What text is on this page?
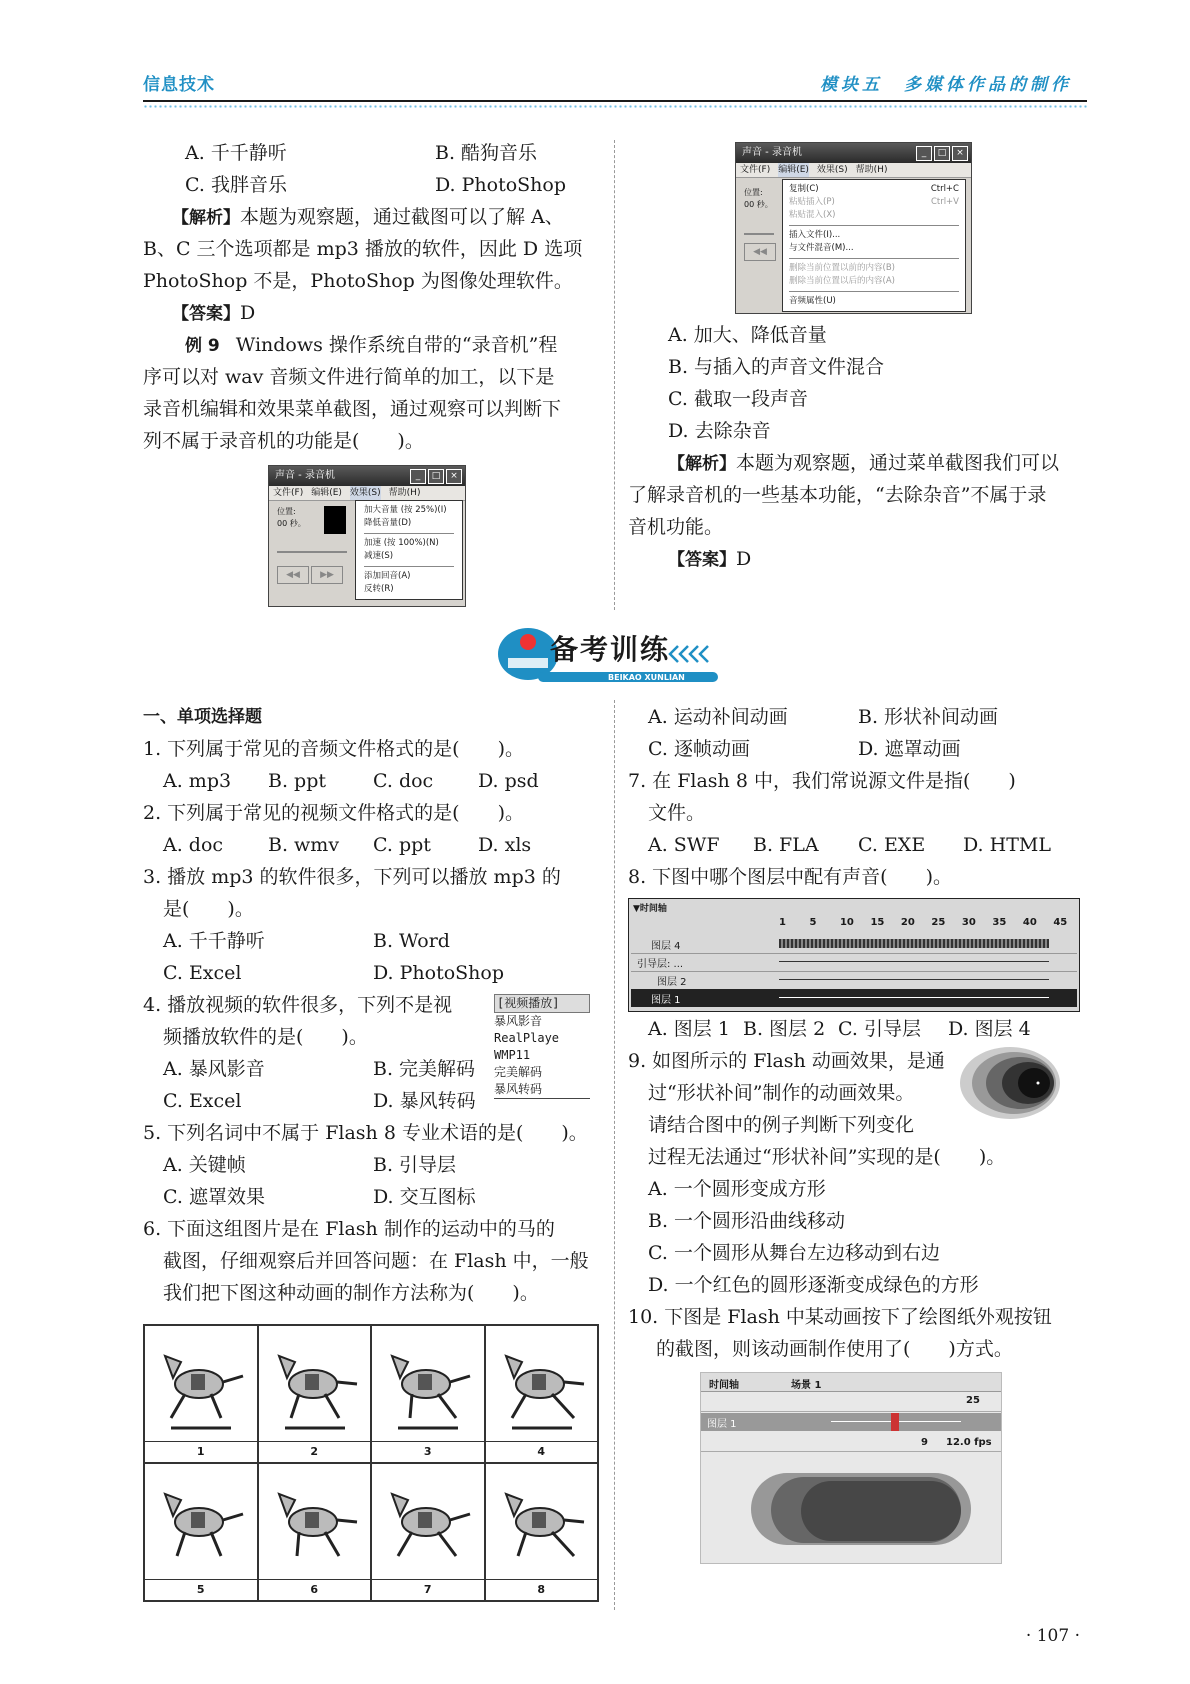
信息技术	模块五　多媒体作品的制作
A. 千千静听	B. 酷狗音乐
C. 我胖音乐	D. PhotoShop
【解析】本题为观察题，通过截图可以了解 A、
B、C 三个选项都是 mp3 播放的软件，因此 D 选项
PhotoShop 不是，PhotoShop 为图像处理软件。
【答案】D
例 9 Windows 操作系统自带的“录音机”程
序可以对 wav 音频文件进行简单的加工，以下是
录音机编辑和效果菜单截图，通过观察可以判断下
列不属于录音机的功能是(　　)。
声音 - 录音机	_	□	×
文件(F) 编辑(E) 效果(S) 帮助(H)
位置:
00 秒。
◀◀	▶▶
加大音量 (按 25%)(I)
降低音量(D)
加速 (按 100%)(N)
减速(S)
添加回音(A)
反转(R)
声音 - 录音机	_	□	×
文件(F) 编辑(E) 效果(S) 帮助(H)
位置:
00 秒。
◀◀
复制(C)	Ctrl+C
粘贴插入(P)	Ctrl+V
粘贴混入(X)
插入文件(I)...
与文件混音(M)...
删除当前位置以前的内容(B)
删除当前位置以后的内容(A)
音频属性(U)
A. 加大、降低音量
B. 与插入的声音文件混合
C. 截取一段声音
D. 去除杂音
【解析】本题为观察题，通过菜单截图我们可以
了解录音机的一些基本功能，“去除杂音”不属于录
音机功能。
【答案】D
备考训练
BEIKAO XUNLIAN
一、单项选择题
1. 下列属于常见的音频文件格式的是(　　)。
A. mp3 B. ppt C. doc D. psd
2. 下列属于常见的视频文件格式的是(　　)。
A. doc B. wmv C. ppt D. xls
3. 播放 mp3 的软件很多，下列可以播放 mp3 的
是(　　)。
A. 千千静听	B. Word
C. Excel	D. PhotoShop
4. 播放视频的软件很多，下列不是视
频播放软件的是(　　)。
A. 暴风影音	B. 完美解码
C. Excel	D. 暴风转码
[视频播放]
暴风影音
RealPlaye
WMP11
完美解码
暴风转码
5. 下列名词中不属于 Flash 8 专业术语的是(　　)。
A. 关键帧	B. 引导层
C. 遮罩效果	D. 交互图标
6. 下面这组图片是在 Flash 制作的运动中的马的
截图，仔细观察后并回答问题：在 Flash 中，一般
我们把下图这种动画的制作方法称为(　　)。
1	2	3	4
5	6	7	8
A. 运动补间动画	B. 形状补间动画
C. 逐帧动画	D. 遮罩动画
7. 在 Flash 8 中，我们常说源文件是指(　　)
文件。
A. SWF B. FLA C. EXE D. HTML
8. 下图中哪个图层中配有声音(　　)。
▼时间轴
1 5 10 15 20 25 30 35 40 45
图层 4
引导层: ...
图层 2
图层 1
A. 图层 1 B. 图层 2 C. 引导层 D. 图层 4
9. 如图所示的 Flash 动画效果，是通
过“形状补间”制作的动画效果。
请结合图中的例子判断下列变化
过程无法通过“形状补间”实现的是(　　)。
A. 一个圆形变成方形
B. 一个圆形沿曲线移动
C. 一个圆形从舞台左边移动到右边
D. 一个红色的圆形逐渐变成绿色的方形
10. 下图是 Flash 中某动画按下了绘图纸外观按钮
的截图，则该动画制作使用了(　　)方式。
时间轴	场景 1
25
图层 1
9 12.0 fps
· 107 ·
